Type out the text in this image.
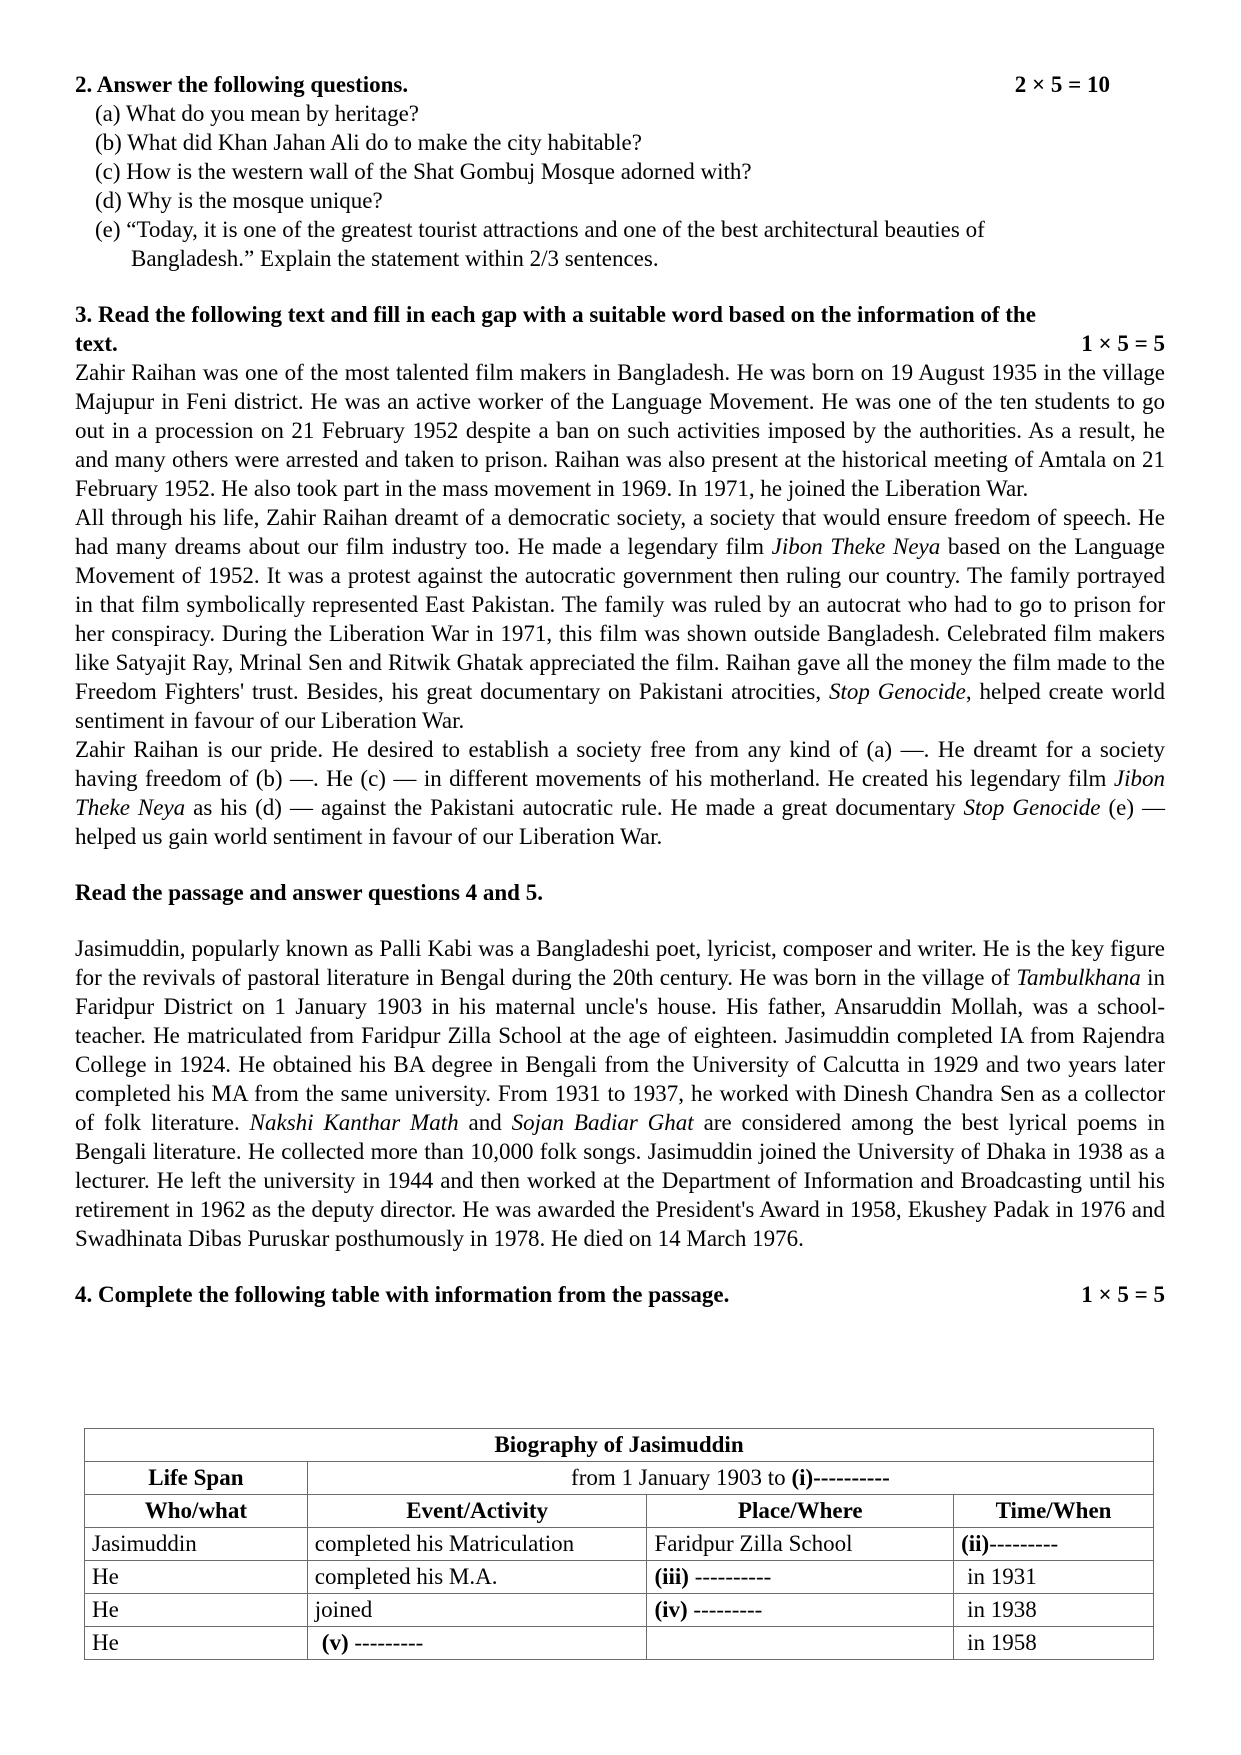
2. Answer the following questions.	2 × 5 = 10
(a) What do you mean by heritage?
(b) What did Khan Jahan Ali do to make the city habitable?
(c) How is the western wall of the Shat Gombuj Mosque adorned with?
(d) Why is the mosque unique?
(e) “Today, it is one of the greatest tourist attractions and one of the best architectural beauties of
Bangladesh.” Explain the statement within 2/3 sentences.
3. Read the following text and fill in each gap with a suitable word based on the information of the
text.	1 × 5 = 5

Zahir Raihan was one of the most talented film makers in Bangladesh. He was born on 19 August 1935 in the village Majupur in Feni district. He was an active worker of the Language Movement. He was one of the ten students to go out in a procession on 21 February 1952 despite a ban on such activities imposed by the authorities. As a result, he and many others were arrested and taken to prison. Raihan was also present at the historical meeting of Amtala on 21 February 1952. He also took part in the mass movement in 1969. In 1971, he joined the Liberation War.

All through his life, Zahir Raihan dreamt of a democratic society, a society that would ensure freedom of speech. He had many dreams about our film industry too. He made a legendary film Jibon Theke Neya based on the Language Movement of 1952. It was a protest against the autocratic government then ruling our country. The family portrayed in that film symbolically represented East Pakistan. The family was ruled by an autocrat who had to go to prison for her conspiracy. During the Liberation War in 1971, this film was shown outside Bangladesh. Celebrated film makers like Satyajit Ray, Mrinal Sen and Ritwik Ghatak appreciated the film. Raihan gave all the money the film made to the Freedom Fighters' trust. Besides, his great documentary on Pakistani atrocities, Stop Genocide, helped create world sentiment in favour of our Liberation War.

Zahir Raihan is our pride. He desired to establish a society free from any kind of (a) ––. He dreamt for a society having freedom of (b) —. He (c) –– in different movements of his motherland. He created his legendary film Jibon Theke Neya as his (d) — against the Pakistani autocratic rule. He made a great documentary Stop Genocide (e) — helped us gain world sentiment in favour of our Liberation War.

Read the passage and answer questions 4 and 5.

Jasimuddin, popularly known as Palli Kabi was a Bangladeshi poet, lyricist, composer and writer. He is the key figure for the revivals of pastoral literature in Bengal during the 20th century. He was born in the village of Tambulkhana in Faridpur District on 1 January 1903 in his maternal uncle's house. His father, Ansaruddin Mollah, was a school-teacher. He matriculated from Faridpur Zilla School at the age of eighteen. Jasimuddin completed IA from Rajendra College in 1924. He obtained his BA degree in Bengali from the University of Calcutta in 1929 and two years later completed his MA from the same university. From 1931 to 1937, he worked with Dinesh Chandra Sen as a collector of folk literature. Nakshi Kanthar Math and Sojan Badiar Ghat are considered among the best lyrical poems in Bengali literature. He collected more than 10,000 folk songs. Jasimuddin joined the University of Dhaka in 1938 as a lecturer. He left the university in 1944 and then worked at the Department of Information and Broadcasting until his retirement in 1962 as the deputy director. He was awarded the President's Award in 1958, Ekushey Padak in 1976 and Swadhinata Dibas Puruskar posthumously in 1978. He died on 14 March 1976.

4. Complete the following table with information from the passage.	1 × 5 = 5
Biography of Jasimuddin			
Life Span	from 1 January 1903 to (i)----------		
Who/what	Event/Activity	Place/Where	Time/When
Jasimuddin	completed his Matriculation	Faridpur Zilla School	(ii)---------
He	completed his M.A.	(iii) ----------	in 1931
He	joined	(iv) ---------	in 1938
He	(v) ---------		in 1958
